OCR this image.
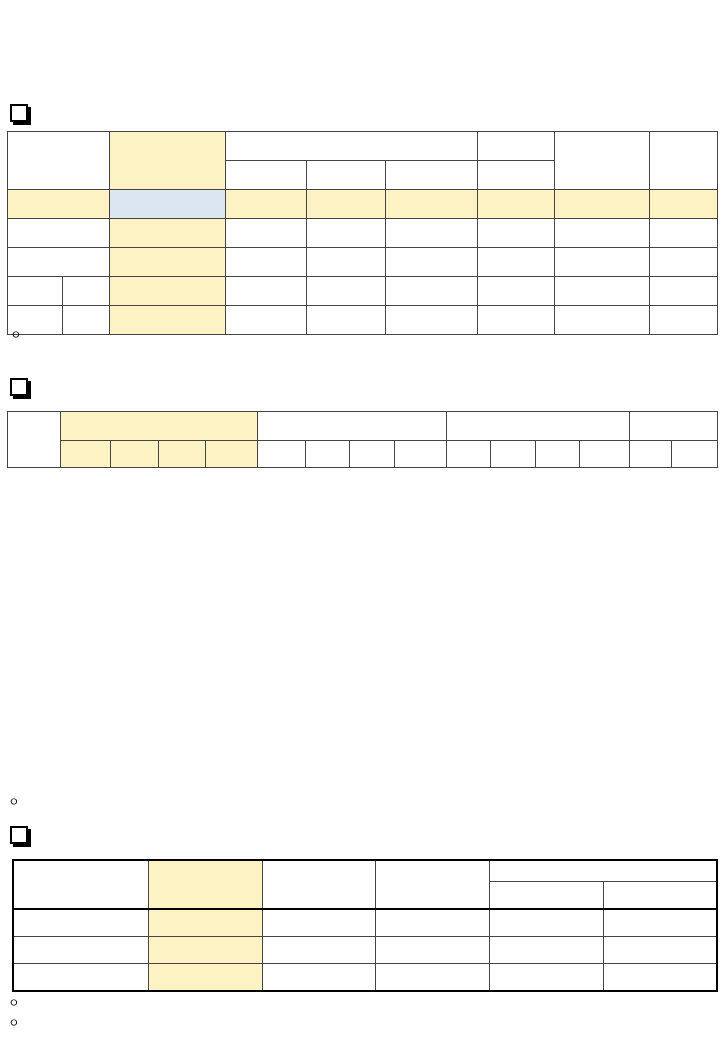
ㅇ

ㅇ

ㅇ
ㅇ
